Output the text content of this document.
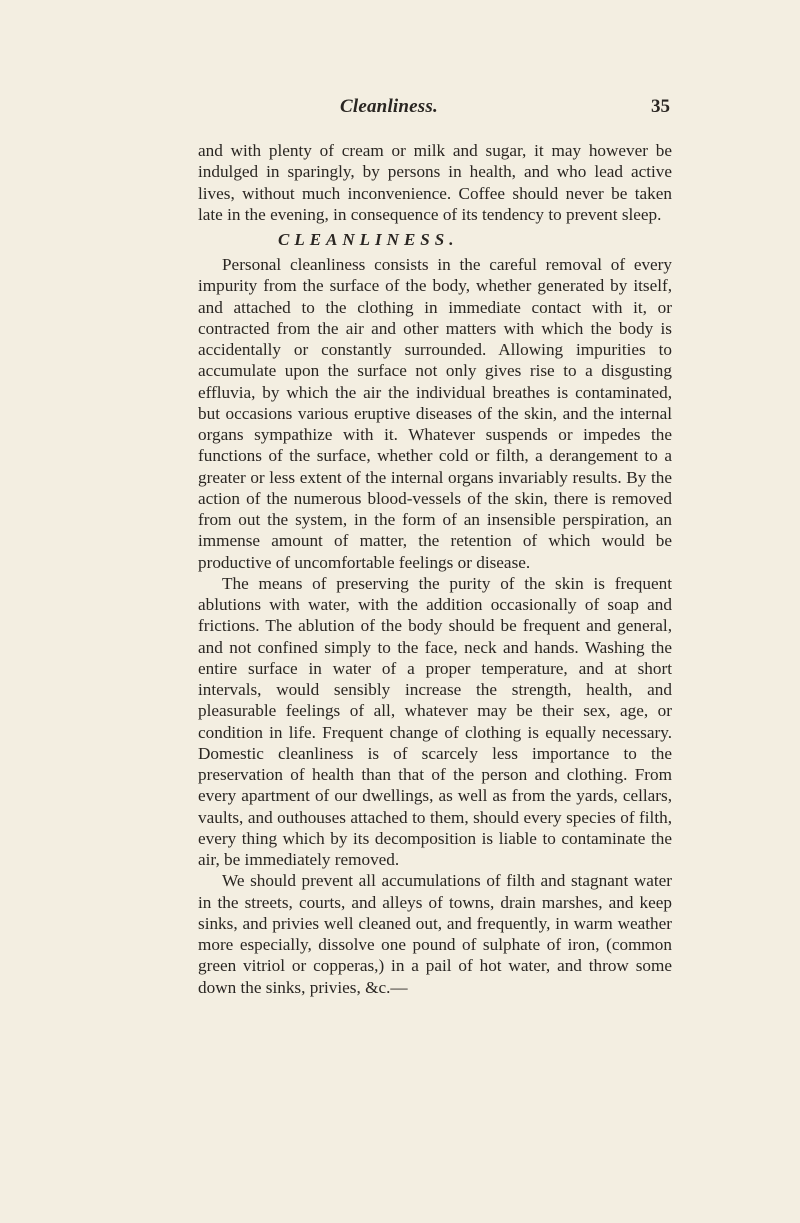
Cleanliness.	35

and with plenty of cream or milk and sugar, it may however be indulged in sparingly, by persons in health, and who lead active lives, without much inconvenience. Coffee should never be taken late in the evening, in consequence of its tendency to prevent sleep.

CLEANLINESS.

Personal cleanliness consists in the careful removal of every impurity from the surface of the body, whether generated by itself, and attached to the clothing in immediate contact with it, or contracted from the air and other matters with which the body is accidentally or constantly surrounded. Allowing impurities to accumulate upon the surface not only gives rise to a disgusting effluvia, by which the air the individual breathes is contaminated, but occasions various eruptive diseases of the skin, and the internal organs sympathize with it. Whatever suspends or impedes the functions of the surface, whether cold or filth, a derangement to a greater or less extent of the internal organs invariably results. By the action of the numerous blood-vessels of the skin, there is removed from out the system, in the form of an insensible perspiration, an immense amount of matter, the retention of which would be productive of uncomfortable feelings or disease.

The means of preserving the purity of the skin is frequent ablutions with water, with the addition occasionally of soap and frictions. The ablution of the body should be frequent and general, and not confined simply to the face, neck and hands. Washing the entire surface in water of a proper temperature, and at short intervals, would sensibly increase the strength, health, and pleasurable feelings of all, whatever may be their sex, age, or condition in life. Frequent change of clothing is equally necessary. Domestic cleanliness is of scarcely less importance to the preservation of health than that of the person and clothing. From every apartment of our dwellings, as well as from the yards, cellars, vaults, and outhouses attached to them, should every species of filth, every thing which by its decomposition is liable to contaminate the air, be immediately removed.

We should prevent all accumulations of filth and stagnant water in the streets, courts, and alleys of towns, drain marshes, and keep sinks, and privies well cleaned out, and frequently, in warm weather more especially, dissolve one pound of sulphate of iron, (common green vitriol or copperas,) in a pail of hot water, and throw some down the sinks, privies, &c.—
